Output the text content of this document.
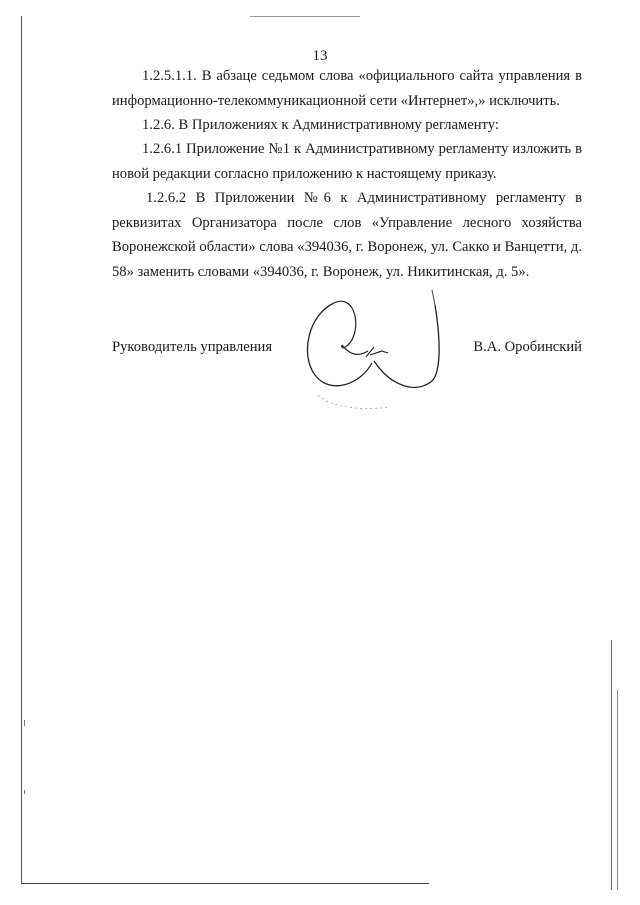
13
1.2.5.1.1. В абзаце седьмом слова «официального сайта управления в информационно-телекоммуникационной сети «Интернет»,» исключить.
1.2.6. В Приложениях к Административному регламенту:
1.2.6.1 Приложение №1 к Административному регламенту изложить в новой редакции согласно приложению к настоящему приказу.
1.2.6.2 В Приложении №6 к Административному регламенту в реквизитах Организатора после слов «Управление лесного хозяйства Воронежской области» слова «394036, г. Воронеж, ул. Сакко и Ванцетти, д. 58» заменить словами «394036, г. Воронеж, ул. Никитинская, д. 5».
Руководитель управления	В.А. Оробинский
